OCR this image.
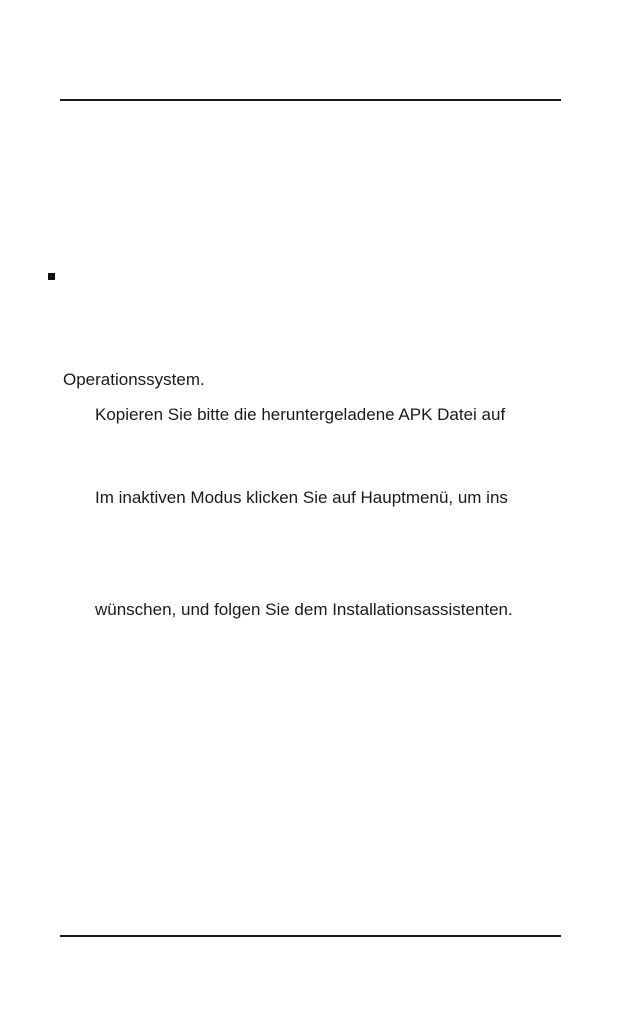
Operationssystem.
Kopieren Sie bitte die heruntergeladene APK Datei auf
Im inaktiven Modus klicken Sie auf Hauptmenü, um ins
wünschen, und folgen Sie dem Installationsassistenten.
